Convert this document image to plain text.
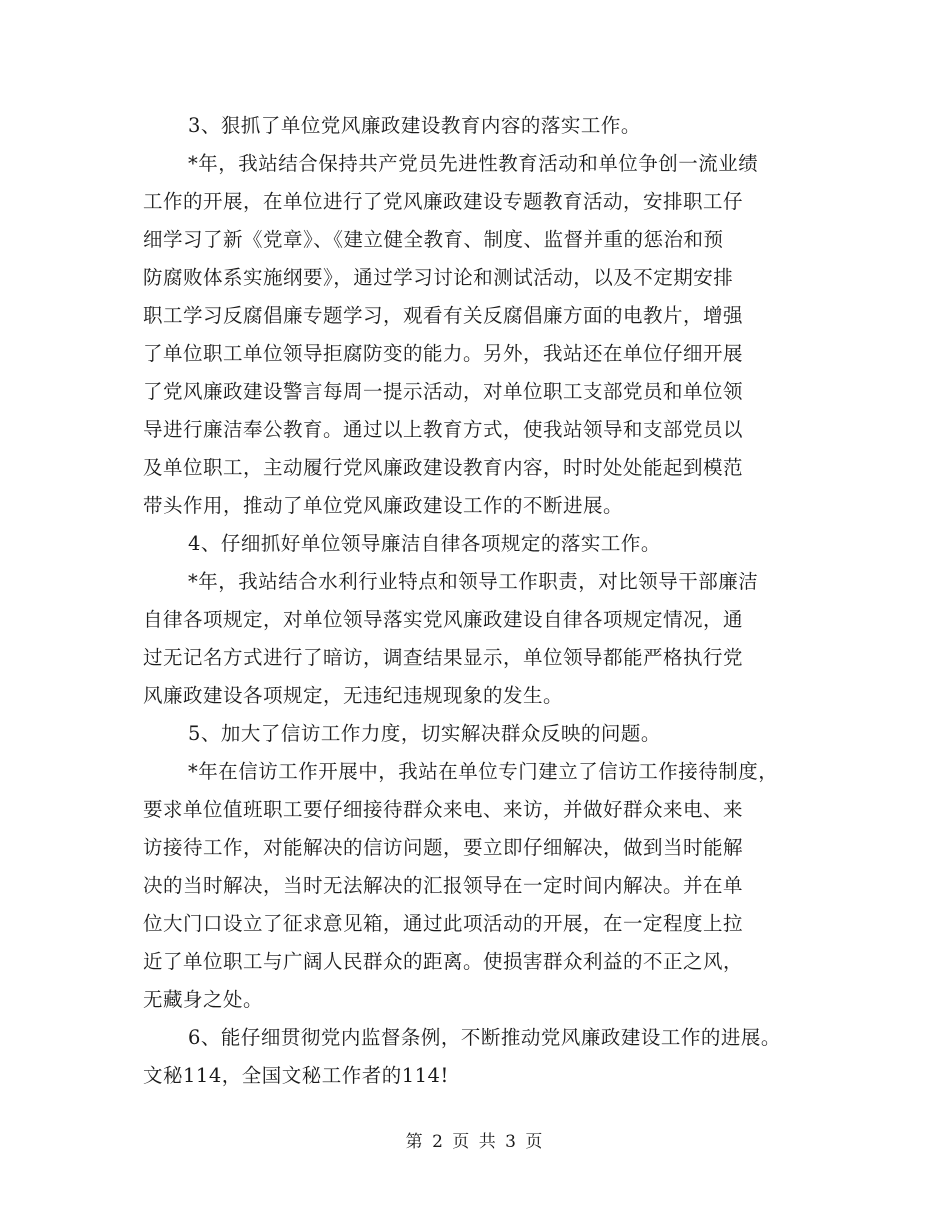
3、狠抓了单位党风廉政建设教育内容的落实工作。
*年，我站结合保持共产党员先进性教育活动和单位争创一流业绩
工作的开展，在单位进行了党风廉政建设专题教育活动，安排职工仔
细学习了新《党章》、《建立健全教育、制度、监督并重的惩治和预
防腐败体系实施纲要》，通过学习讨论和测试活动，以及不定期安排
职工学习反腐倡廉专题学习，观看有关反腐倡廉方面的电教片，增强
了单位职工单位领导拒腐防变的能力。另外，我站还在单位仔细开展
了党风廉政建设警言每周一提示活动，对单位职工支部党员和单位领
导进行廉洁奉公教育。通过以上教育方式，使我站领导和支部党员以
及单位职工，主动履行党风廉政建设教育内容，时时处处能起到模范
带头作用，推动了单位党风廉政建设工作的不断进展。
4、仔细抓好单位领导廉洁自律各项规定的落实工作。
*年，我站结合水利行业特点和领导工作职责，对比领导干部廉洁
自律各项规定，对单位领导落实党风廉政建设自律各项规定情况，通
过无记名方式进行了暗访，调查结果显示，单位领导都能严格执行党
风廉政建设各项规定，无违纪违规现象的发生。
5、加大了信访工作力度，切实解决群众反映的问题。
*年在信访工作开展中，我站在单位专门建立了信访工作接待制度，
要求单位值班职工要仔细接待群众来电、来访，并做好群众来电、来
访接待工作，对能解决的信访问题，要立即仔细解决，做到当时能解
决的当时解决，当时无法解决的汇报领导在一定时间内解决。并在单
位大门口设立了征求意见箱，通过此项活动的开展，在一定程度上拉
近了单位职工与广阔人民群众的距离。使损害群众利益的不正之风，
无藏身之处。
6、能仔细贯彻党内监督条例，不断推动党风廉政建设工作的进展。
文秘114，全国文秘工作者的114!
第 2 页 共 3 页
